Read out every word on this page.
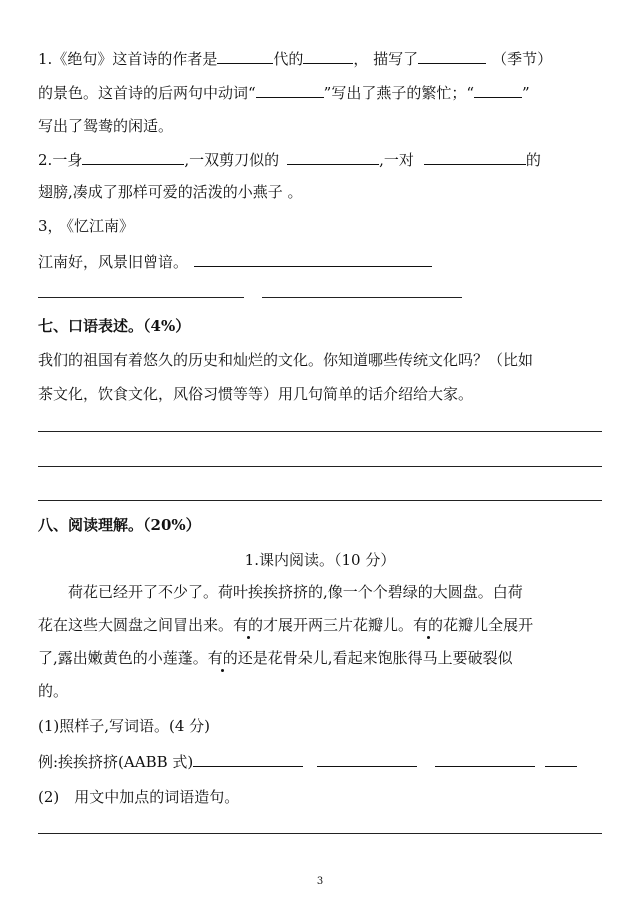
1.《绝句》这首诗的作者是	代的	， 描写了	（季节）
的景色。这首诗的后两句中动词“	”写出了燕子的繁忙；“	”
写出了鸳鸯的闲适。
2.一身	,一双剪刀似的	,一对	的
翅膀,凑成了那样可爱的活泼的小燕子 。
3， 《忆江南》
江南好，风景旧曾谙。
七、口语表述。（4%）
我们的祖国有着悠久的历史和灿烂的文化。你知道哪些传统文化吗？（比如
茶文化，饮食文化，风俗习惯等等）用几句简单的话介绍给大家。
八、阅读理解。（20%）
1.课内阅读。（10 分）
荷花已经开了不少了。荷叶挨挨挤挤的,像一个个碧绿的大圆盘。白荷
花在这些大圆盘之间冒出来。有的才展开两三片花瓣儿。有的花瓣儿全展开
了,露出嫩黄色的小莲蓬。有的还是花骨朵儿,看起来饱胀得马上要破裂似
的。
(1)照样子,写词语。(4 分)
例:挨挨挤挤(AABB 式)
(2)　用文中加点的词语造句。
3
